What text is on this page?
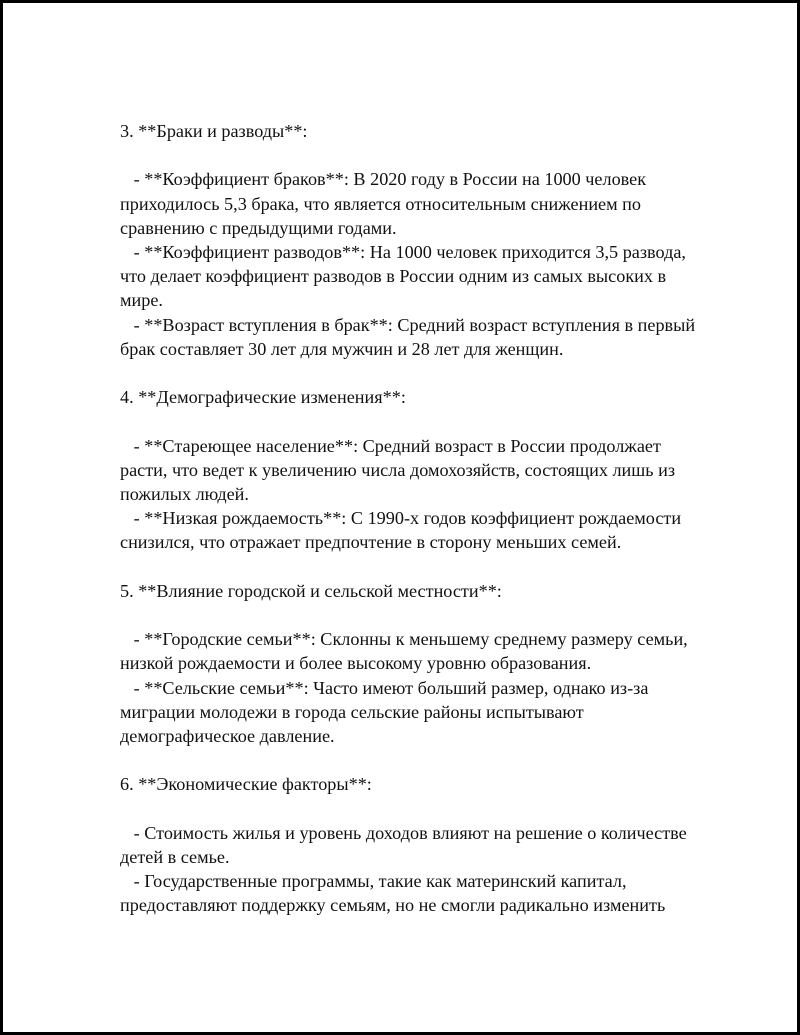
3. **Браки и разводы**:

- **Коэффициент браков**: В 2020 году в России на 1000 человек приходилось 5,3 брака, что является относительным снижением по сравнению с предыдущими годами.

- **Коэффициент разводов**: На 1000 человек приходится 3,5 развода, что делает коэффициент разводов в России одним из самых высоких в мире.

- **Возраст вступления в брак**: Средний возраст вступления в первый брак составляет 30 лет для мужчин и 28 лет для женщин.

4. **Демографические изменения**:

- **Стареющее население**: Средний возраст в России продолжает расти, что ведет к увеличению числа домохозяйств, состоящих лишь из пожилых людей.

- **Низкая рождаемость**: С 1990-х годов коэффициент рождаемости снизился, что отражает предпочтение в сторону меньших семей.

5. **Влияние городской и сельской местности**:

- **Городские семьи**: Склонны к меньшему среднему размеру семьи, низкой рождаемости и более высокому уровню образования.

- **Сельские семьи**: Часто имеют больший размер, однако из-за миграции молодежи в города сельские районы испытывают демографическое давление.

6. **Экономические факторы**:

- Стоимость жилья и уровень доходов влияют на решение о количестве детей в семье.

- Государственные программы, такие как материнский капитал, предоставляют поддержку семьям, но не смогли радикально изменить
